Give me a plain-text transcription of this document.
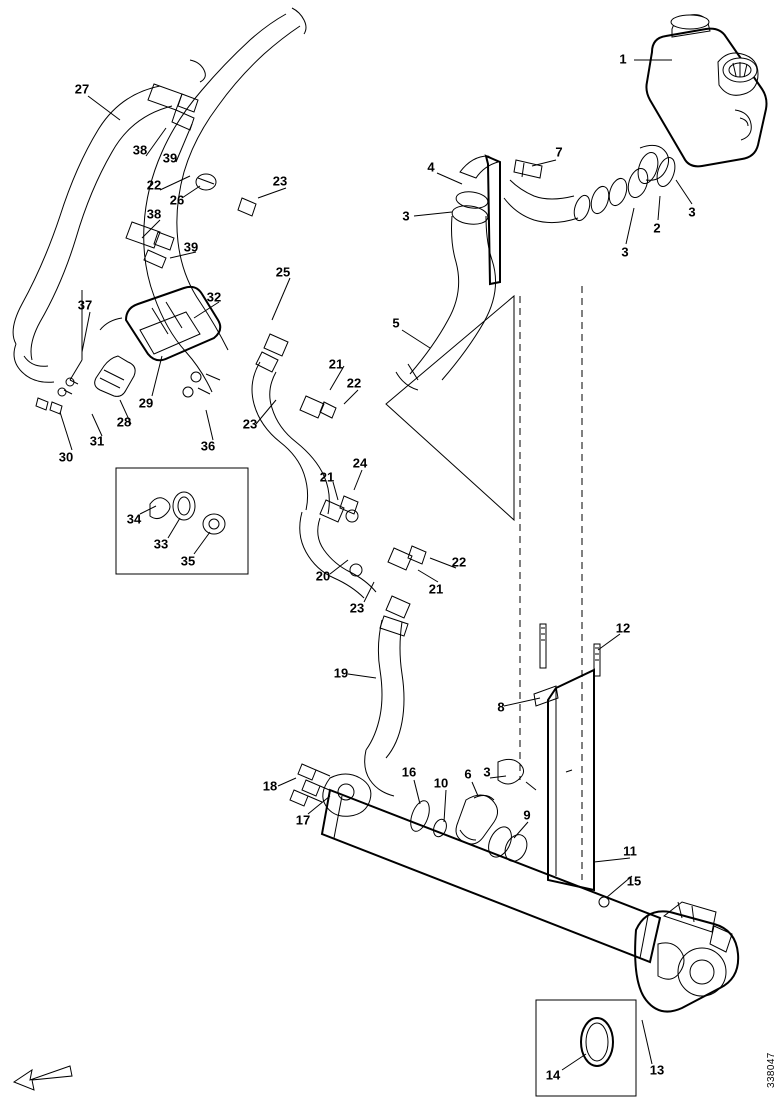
1
2
3
3
3
3
4
5
6
7
8
9
10
11
12
13
14
15
16
17
18
19
20
21
21
21
22
22
22	23
23
23
24
25
26
27
28
29
30
31
32
33
34
35
36
37
38
38
39
39
338047
